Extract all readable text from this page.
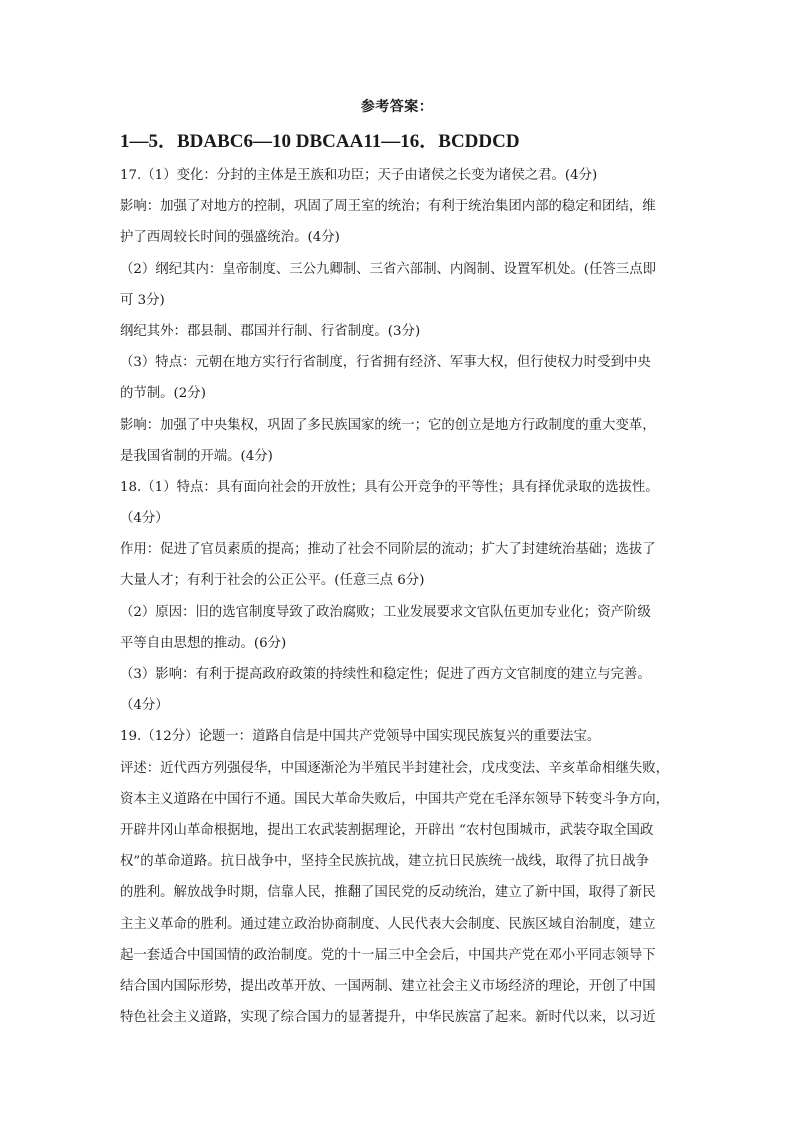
参考答案：
1—5．BDABC6—10 DBCAA11—16．BCDDCD
17.（1）变化：分封的主体是王族和功臣；天子由诸侯之长变为诸侯之君。(4分)
影响：加强了对地方的控制，巩固了周王室的统治；有利于统治集团内部的稳定和团结，维
护了西周较长时间的强盛统治。(4分)
（2）纲纪其内：皇帝制度、三公九卿制、三省六部制、内阁制、设置军机处。(任答三点即
可 3分)
纲纪其外：郡县制、郡国并行制、行省制度。(3分)
（3）特点：元朝在地方实行行省制度，行省拥有经济、军事大权，但行使权力时受到中央
的节制。(2分)
影响：加强了中央集权，巩固了多民族国家的统一；它的创立是地方行政制度的重大变革，
是我国省制的开端。(4分)
18.（1）特点：具有面向社会的开放性；具有公开竞争的平等性；具有择优录取的选拔性。
（4分）
作用：促进了官员素质的提高；推动了社会不同阶层的流动；扩大了封建统治基础；选拔了
大量人才；有利于社会的公正公平。(任意三点 6分)
（2）原因：旧的选官制度导致了政治腐败；工业发展要求文官队伍更加专业化；资产阶级
平等自由思想的推动。(6分)
（3）影响：有利于提高政府政策的持续性和稳定性；促进了西方文官制度的建立与完善。
（4分）
19.（12分）论题一：道路自信是中国共产党领导中国实现民族复兴的重要法宝。
评述：近代西方列强侵华，中国逐渐沦为半殖民半封建社会，戊戌变法、辛亥革命相继失败，
资本主义道路在中国行不通。国民大革命失败后，中国共产党在毛泽东领导下转变斗争方向，
开辟井冈山革命根据地，提出工农武装割据理论，开辟出 “农村包围城市，武装夺取全国政
权”的革命道路。抗日战争中，坚持全民族抗战，建立抗日民族统一战线，取得了抗日战争
的胜利。解放战争时期，信靠人民，推翻了国民党的反动统治，建立了新中国，取得了新民
主主义革命的胜利。通过建立政治协商制度、人民代表大会制度、民族区域自治制度，建立
起一套适合中国国情的政治制度。党的十一届三中全会后，中国共产党在邓小平同志领导下
结合国内国际形势，提出改革开放、一国两制、建立社会主义市场经济的理论，开创了中国
特色社会主义道路，实现了综合国力的显著提升，中华民族富了起来。新时代以来，以习近
